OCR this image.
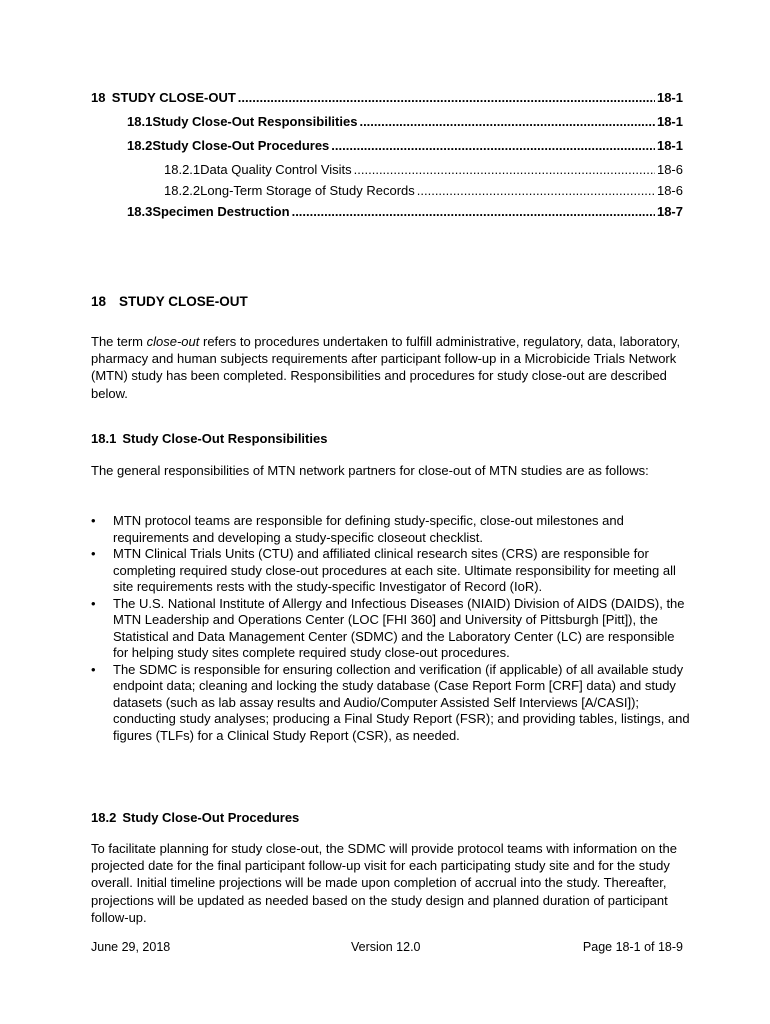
18 STUDY CLOSE-OUT .....	18-1
18.1 Study Close-Out Responsibilities .....	18-1
18.2 Study Close-Out Procedures .....	18-1
18.2.1 Data Quality Control Visits .....	18-6
18.2.2 Long-Term Storage of Study Records .....	18-6
18.3 Specimen Destruction .....	18-7
18 STUDY CLOSE-OUT
The term close-out refers to procedures undertaken to fulfill administrative, regulatory, data, laboratory, pharmacy and human subjects requirements after participant follow-up in a Microbicide Trials Network (MTN) study has been completed. Responsibilities and procedures for study close-out are described below.
18.1 Study Close-Out Responsibilities
The general responsibilities of MTN network partners for close-out of MTN studies are as follows:
• MTN protocol teams are responsible for defining study-specific, close-out milestones and requirements and developing a study-specific closeout checklist.
• MTN Clinical Trials Units (CTU) and affiliated clinical research sites (CRS) are responsible for completing required study close-out procedures at each site. Ultimate responsibility for meeting all site requirements rests with the study-specific Investigator of Record (IoR).
• The U.S. National Institute of Allergy and Infectious Diseases (NIAID) Division of AIDS (DAIDS), the MTN Leadership and Operations Center (LOC [FHI 360] and University of Pittsburgh [Pitt]), the Statistical and Data Management Center (SDMC) and the Laboratory Center (LC) are responsible for helping study sites complete required study close-out procedures.
• The SDMC is responsible for ensuring collection and verification (if applicable) of all available study endpoint data; cleaning and locking the study database (Case Report Form [CRF] data) and study datasets (such as lab assay results and Audio/Computer Assisted Self Interviews [A/CASI]); conducting study analyses; producing a Final Study Report (FSR); and providing tables, listings, and figures (TLFs) for a Clinical Study Report (CSR), as needed.
18.2 Study Close-Out Procedures
To facilitate planning for study close-out, the SDMC will provide protocol teams with information on the projected date for the final participant follow-up visit for each participating study site and for the study overall. Initial timeline projections will be made upon completion of accrual into the study. Thereafter, projections will be updated as needed based on the study design and planned duration of participant follow-up.
June 29, 2018	Version 12.0	Page 18-1 of 18-9
